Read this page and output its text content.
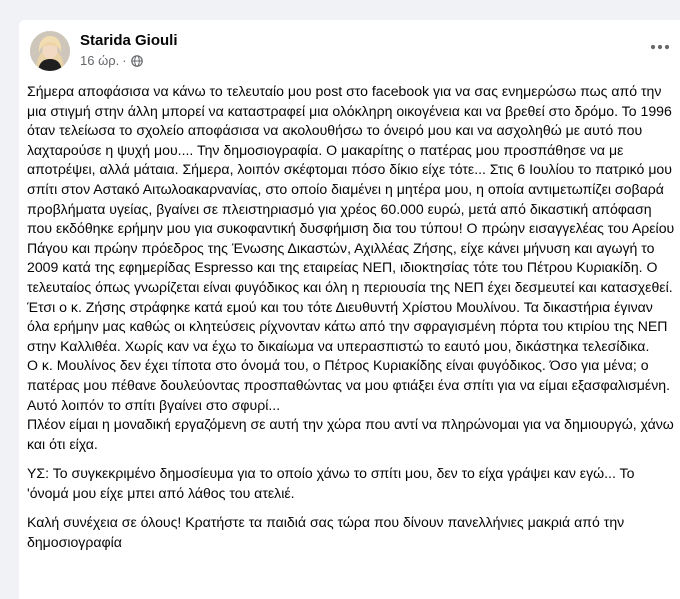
Starida Giouli
16 ώρ. ·

Σήμερα αποφάσισα να κάνω το τελευταίο μου post στο facebook για να σας ενημερώσω πως από την μια στιγμή στην άλλη μπορεί να καταστραφεί μια ολόκληρη οικογένεια και να βρεθεί στο δρόμο. Το 1996 όταν τελείωσα το σχολείο αποφάσισα να ακολουθήσω το όνειρό μου και να ασχοληθώ με αυτό που λαχταρούσε η ψυχή μου.... Την δημοσιογραφία. Ο μακαρίτης ο πατέρας μου προσπάθησε να με αποτρέψει, αλλά μάταια. Σήμερα, λοιπόν σκέφτομαι πόσο δίκιο είχε τότε... Στις 6 Ιουλίου το πατρικό μου σπίτι στον Αστακό Αιτωλοακαρνανίας, στο οποίο διαμένει η μητέρα μου, η οποία αντιμετωπίζει σοβαρά προβλήματα υγείας, βγαίνει σε πλειστηριασμό για χρέος 60.000 ευρώ, μετά από δικαστική απόφαση που εκδόθηκε ερήμην μου για συκοφαντική δυσφήμιση δια του τύπου! Ο πρώην εισαγγελέας του Αρείου Πάγου και πρώην πρόεδρος της Ένωσης Δικαστών, Αχιλλέας Ζήσης, είχε κάνει μήνυση και αγωγή το 2009 κατά της εφημερίδας Espresso και της εταιρείας ΝΕΠ, ιδιοκτησίας τότε του Πέτρου Κυριακίδη. Ο τελευταίος όπως γνωρίζεται είναι φυγόδικος και όλη η περιουσία της ΝΕΠ έχει δεσμευτεί και κατασχεθεί. Έτσι ο κ. Ζήσης στράφηκε κατά εμού και του τότε Διευθυντή Χρίστου Μουλίνου. Τα δικαστήρια έγιναν όλα ερήμην μας καθώς οι κλητεύσεις ρίχνονταν κάτω από την σφραγισμένη πόρτα του κτιρίου της ΝΕΠ στην Καλλιθέα. Χωρίς καν να έχω το δικαίωμα να υπερασπιστώ το εαυτό μου, δικάστηκα τελεσίδικα.

Ο κ. Μουλίνος δεν έχει τίποτα στο όνομά του, ο Πέτρος Κυριακίδης είναι φυγόδικος. Όσο για μένα; ο πατέρας μου πέθανε δουλεύοντας προσπαθώντας να μου φτιάξει ένα σπίτι για να είμαι εξασφαλισμένη. Αυτό λοιπόν το σπίτι βγαίνει στο σφυρί...

Πλέον είμαι η μοναδική εργαζόμενη σε αυτή την χώρα που αντί να πληρώνομαι για να δημιουργώ, χάνω και ότι είχα.

ΥΣ: Το συγκεκριμένο δημοσίευμα για το οποίο χάνω το σπίτι μου, δεν το είχα γράψει καν εγώ... Το 'όνομά μου είχε μπει από λάθος του ατελιέ.

Καλή συνέχεια σε όλους! Κρατήστε τα παιδιά σας τώρα που δίνουν πανελλήνιες μακριά από την δημοσιογραφία
